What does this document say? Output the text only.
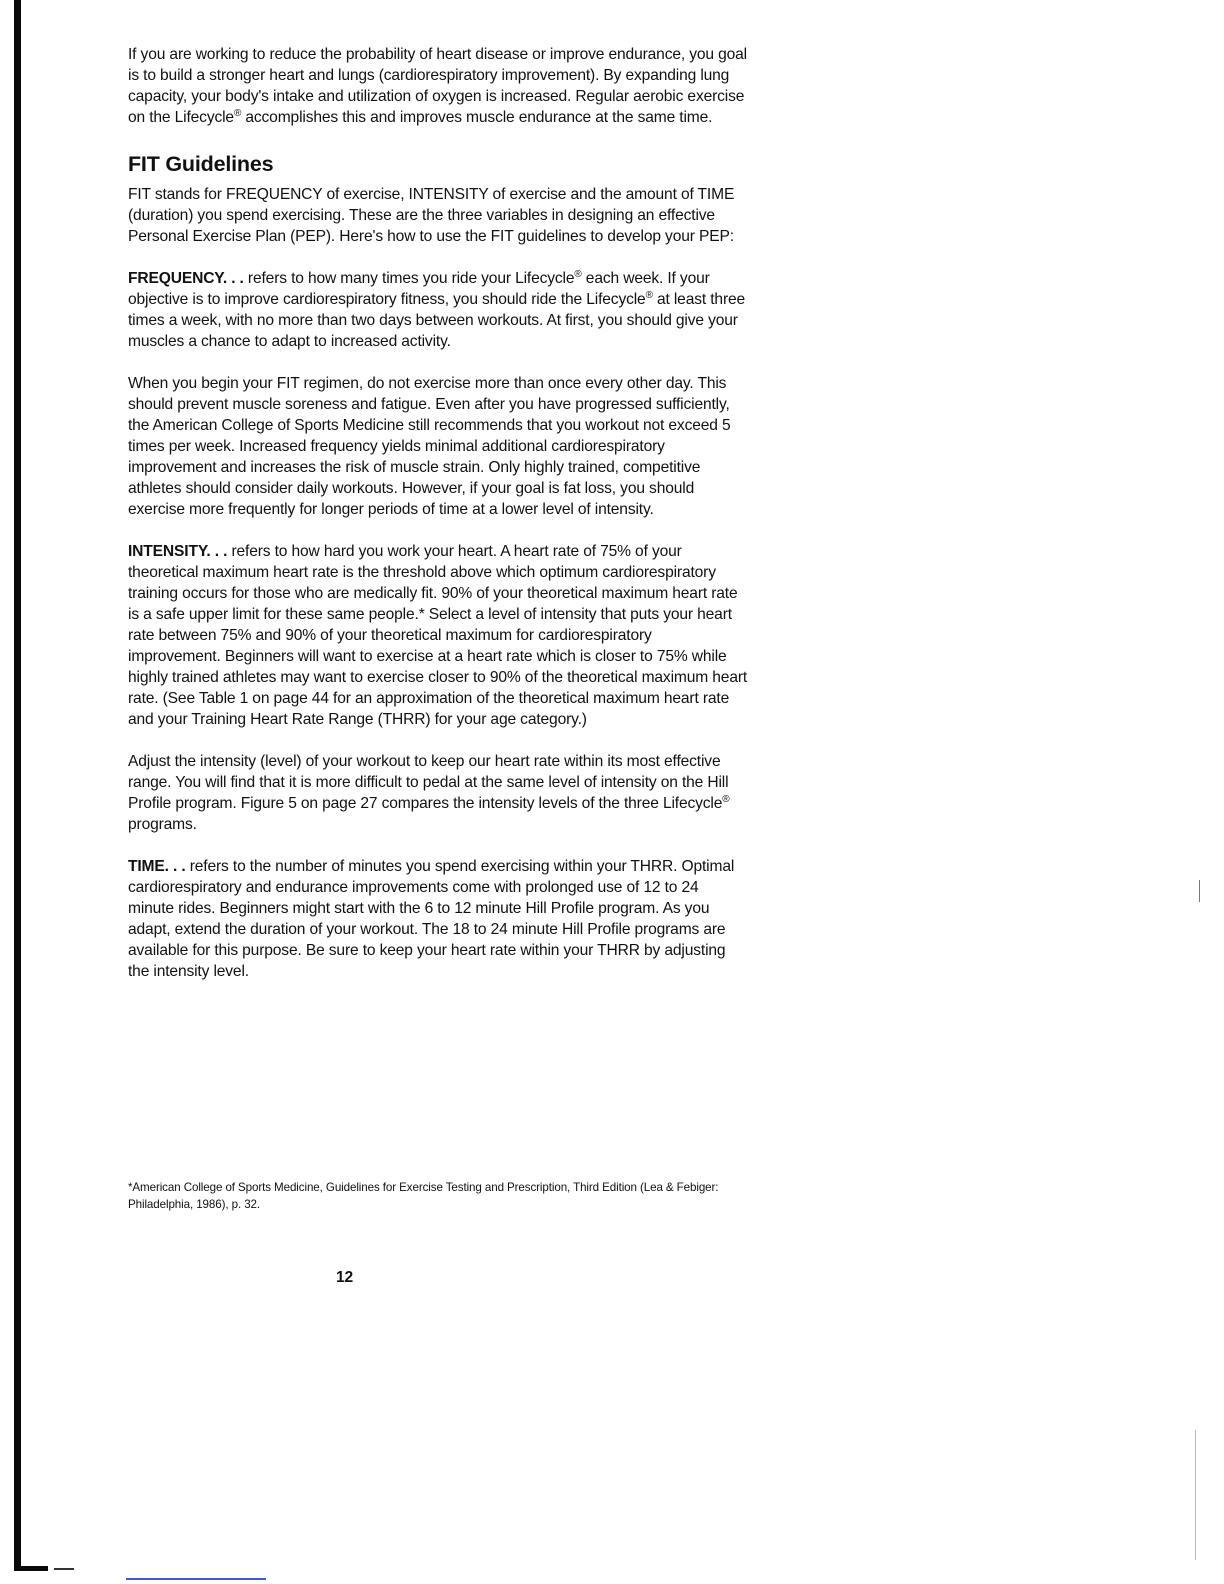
If you are working to reduce the probability of heart disease or improve endurance, you goal is to build a stronger heart and lungs (cardiorespiratory improvement). By expanding lung capacity, your body's intake and utilization of oxygen is increased. Regular aerobic exercise on the Lifecycle® accomplishes this and improves muscle endurance at the same time.

FIT Guidelines

FIT stands for FREQUENCY of exercise, INTENSITY of exercise and the amount of TIME (duration) you spend exercising. These are the three variables in designing an effective Personal Exercise Plan (PEP). Here's how to use the FIT guidelines to develop your PEP:

FREQUENCY. . . refers to how many times you ride your Lifecycle® each week. If your objective is to improve cardiorespiratory fitness, you should ride the Lifecycle® at least three times a week, with no more than two days between workouts. At first, you should give your muscles a chance to adapt to increased activity.

When you begin your FIT regimen, do not exercise more than once every other day. This should prevent muscle soreness and fatigue. Even after you have progressed sufficiently, the American College of Sports Medicine still recommends that you workout not exceed 5 times per week. Increased frequency yields minimal additional cardiorespiratory improvement and increases the risk of muscle strain. Only highly trained, competitive athletes should consider daily workouts. However, if your goal is fat loss, you should exercise more frequently for longer periods of time at a lower level of intensity.

INTENSITY. . . refers to how hard you work your heart. A heart rate of 75% of your theoretical maximum heart rate is the threshold above which optimum cardiorespiratory training occurs for those who are medically fit. 90% of your theoretical maximum heart rate is a safe upper limit for these same people.* Select a level of intensity that puts your heart rate between 75% and 90% of your theoretical maximum for cardiorespiratory improvement. Beginners will want to exercise at a heart rate which is closer to 75% while highly trained athletes may want to exercise closer to 90% of the theoretical maximum heart rate. (See Table 1 on page 44 for an approximation of the theoretical maximum heart rate and your Training Heart Rate Range (THRR) for your age category.)

Adjust the intensity (level) of your workout to keep our heart rate within its most effective range. You will find that it is more difficult to pedal at the same level of intensity on the Hill Profile program. Figure 5 on page 27 compares the intensity levels of the three Lifecycle® programs.

TIME. . . refers to the number of minutes you spend exercising within your THRR. Optimal cardiorespiratory and endurance improvements come with prolonged use of 12 to 24 minute rides. Beginners might start with the 6 to 12 minute Hill Profile program. As you adapt, extend the duration of your workout. The 18 to 24 minute Hill Profile programs are available for this purpose. Be sure to keep your heart rate within your THRR by adjusting the intensity level.

*American College of Sports Medicine, Guidelines for Exercise Testing and Prescription, Third Edition (Lea & Febiger: Philadelphia, 1986), p. 32.

12
